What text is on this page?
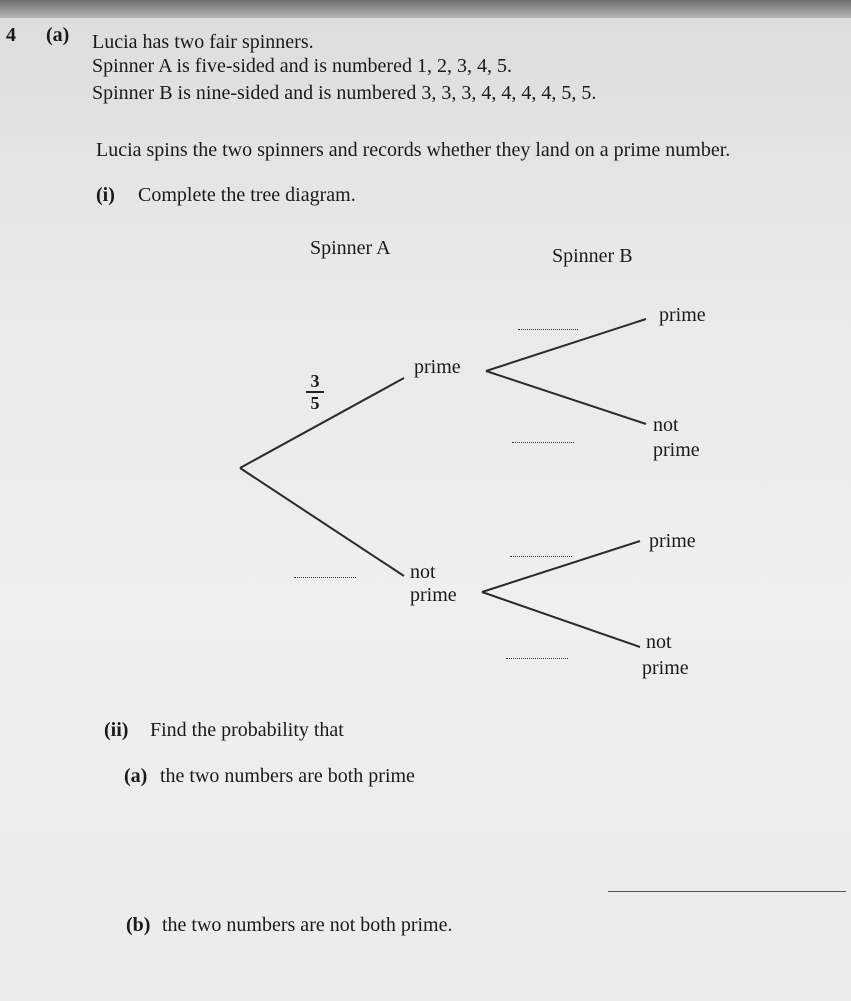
4 (a) Lucia has two fair spinners.
Spinner A is five-sided and is numbered 1, 2, 3, 4, 5.
Spinner B is nine-sided and is numbered 3, 3, 3, 4, 4, 4, 4, 5, 5.
Lucia spins the two spinners and records whether they land on a prime number.
(i) Complete the tree diagram.
Spinner A	Spinner B
3
5
prime
not
prime
prime
not
prime
prime
not
prime
(ii) Find the probability that
(a) the two numbers are both prime
(b) the two numbers are not both prime.
